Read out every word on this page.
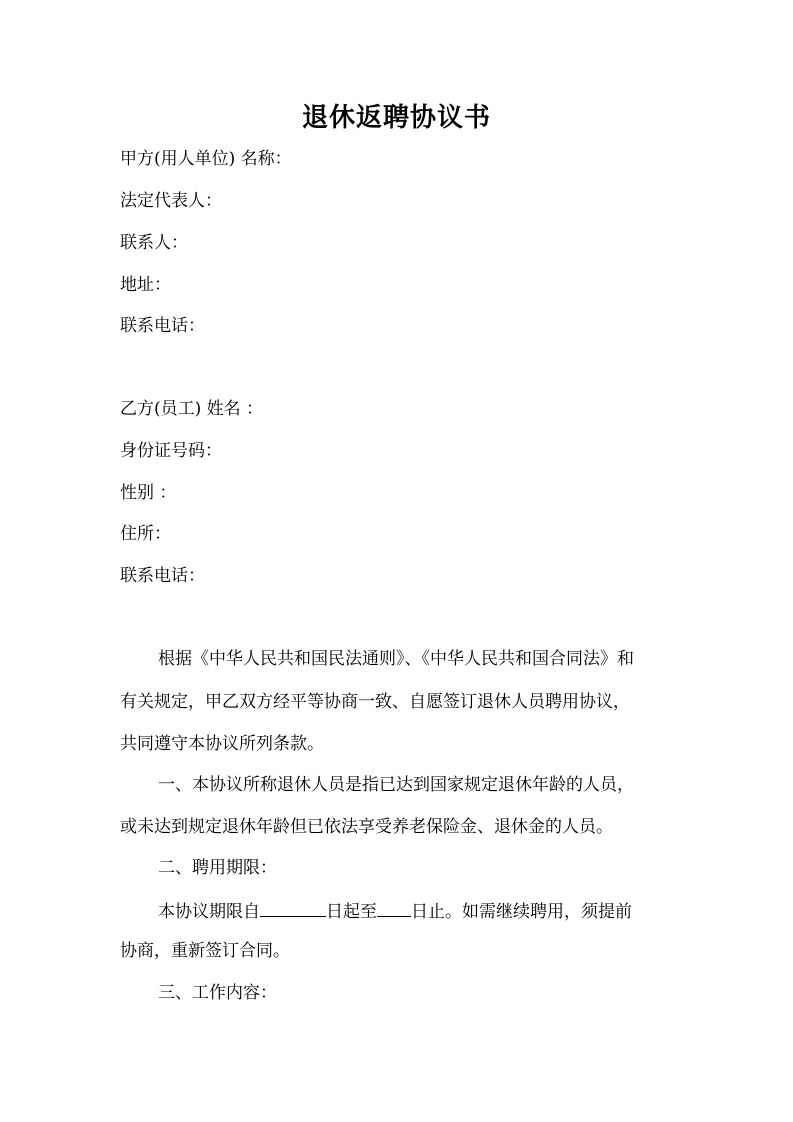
退休返聘协议书
甲方(用人单位) 名称：
法定代表人：
联系人：
地址：
联系电话：
乙方(员工) 姓名 ：
身份证号码：
性别 ：
住所：
联系电话：
根据《中华人民共和国民法通则》、《中华人民共和国合同法》和
有关规定，甲乙双方经平等协商一致、自愿签订退休人员聘用协议，
共同遵守本协议所列条款。
一、本协议所称退休人员是指已达到国家规定退休年龄的人员，
或未达到规定退休年龄但已依法享受养老保险金、退休金的人员。
二、聘用期限：
本协议期限自	日起至 日止。如需继续聘用，须提前
协商，重新签订合同。
三、工作内容：
